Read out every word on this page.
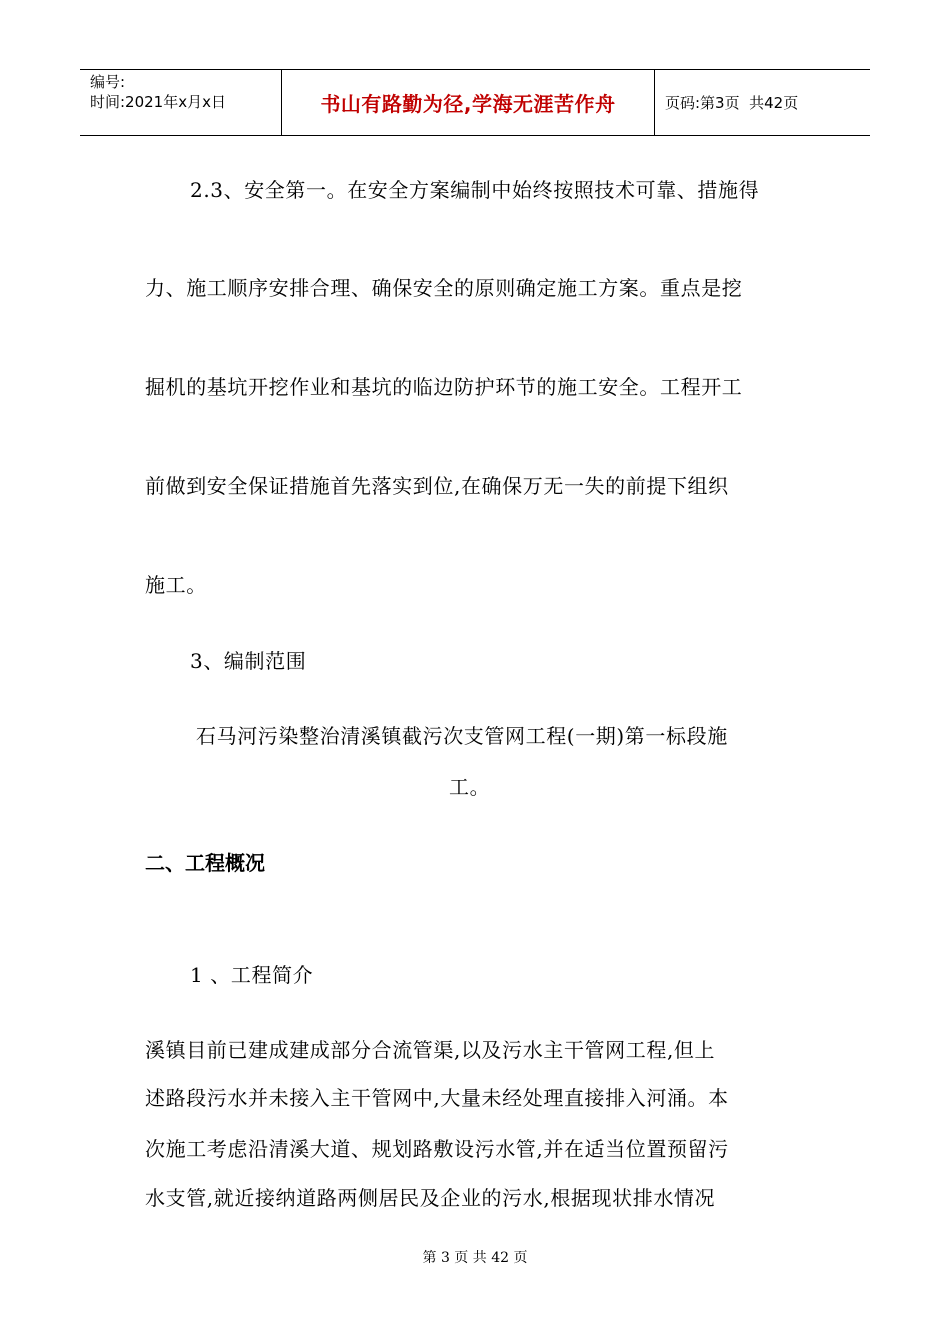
编号:
时间:2021年x月x日	书山有路勤为径,学海无涯苦作舟	页码:第3页  共42页
2.3、安全第一。在安全方案编制中始终按照技术可靠、措施得
力、施工顺序安排合理、确保安全的原则确定施工方案。重点是挖
掘机的基坑开挖作业和基坑的临边防护环节的施工安全。工程开工
前做到安全保证措施首先落实到位,在确保万无一失的前提下组织
施工。
3、编制范围
石马河污染整治清溪镇截污次支管网工程(一期)第一标段施
工。
二、工程概况
1 、工程简介
溪镇目前已建成建成部分合流管渠,以及污水主干管网工程,但上
述路段污水并未接入主干管网中,大量未经处理直接排入河涌。本
次施工考虑沿清溪大道、规划路敷设污水管,并在适当位置预留污
水支管,就近接纳道路两侧居民及企业的污水,根据现状排水情况
第 3 页 共 42 页
